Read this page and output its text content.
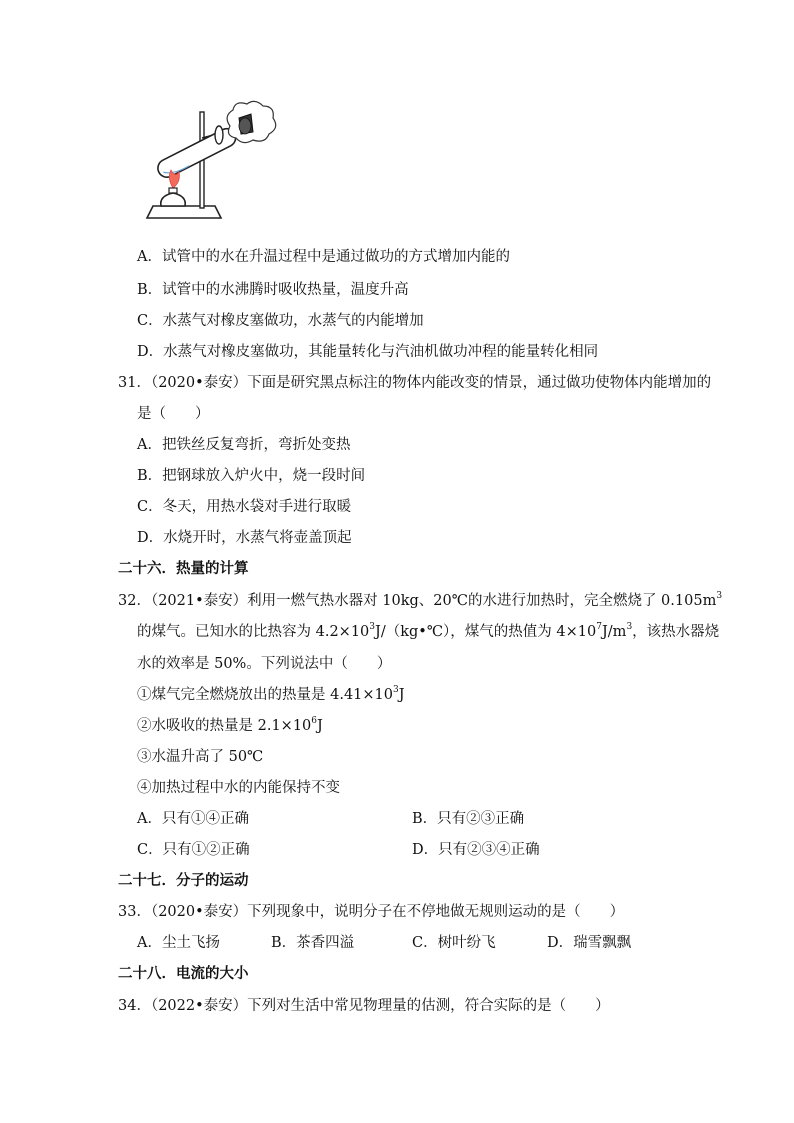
A．试管中的水在升温过程中是通过做功的方式增加内能的
B．试管中的水沸腾时吸收热量，温度升高
C．水蒸气对橡皮塞做功，水蒸气的内能增加
D．水蒸气对橡皮塞做功，其能量转化与汽油机做功冲程的能量转化相同
31．（2020•泰安）下面是研究黑点标注的物体内能改变的情景，通过做功使物体内能增加的
是（　　）
A．把铁丝反复弯折，弯折处变热
B．把钢球放入炉火中，烧一段时间
C．冬天，用热水袋对手进行取暖
D．水烧开时，水蒸气将壶盖顶起
二十六．热量的计算
32．（2021•泰安）利用一燃气热水器对 10kg、20℃的水进行加热时，完全燃烧了 $0.105m^3$
的煤气。已知水的比热容为 $4.2\times 10^3J/(kg•℃)$，煤气的热值为 $4\times 10^7J/m^3$，该热水器烧
水的效率是 50%。下列说法中（　　）
①煤气完全燃烧放出的热量是 $4.41\times 10^3J$
②水吸收的热量是 $2.1\times 10^6J$
③水温升高了 50℃
④加热过程中水的内能保持不变
A．只有①④正确	B．只有②③正确
C．只有①②正确	D．只有②③④正确
二十七．分子的运动
33．（2020•泰安）下列现象中，说明分子在不停地做无规则运动的是（　　）
A．尘土飞扬	B．茶香四溢	C．树叶纷飞	D．瑞雪飘飘
二十八．电流的大小
34．（2022•泰安）下列对生活中常见物理量的估测，符合实际的是（　　）
